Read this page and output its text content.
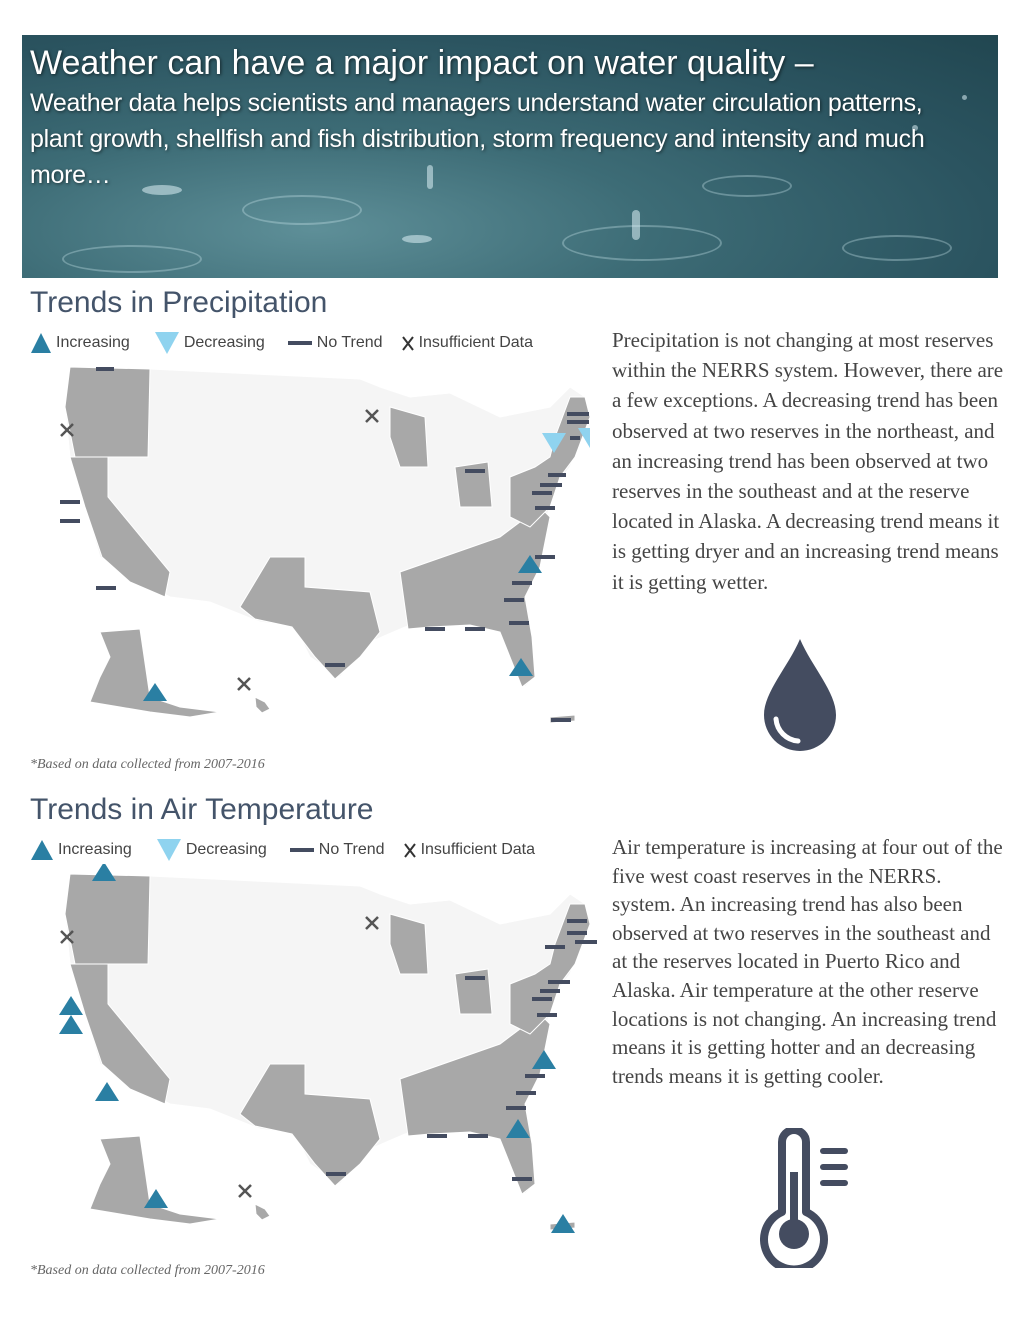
Weather can have a major impact on water quality –
Weather data helps scientists and managers understand water circulation patterns, plant growth, shellfish and fish distribution, storm frequency and intensity and much more…
Trends in Precipitation
Increasing	Decreasing	No Trend Insufficient Data
*Based on data collected from 2007-2016
Precipitation is not changing at most reserves within the NERRS system. However, there are a few exceptions. A decreasing trend has been observed at two reserves in the northeast, and an increasing trend has been observed at two reserves in the southeast and at the reserve located in Alaska. A decreasing trend means it is getting dryer and an increasing trend means it is getting wetter.
Trends in Air Temperature
Increasing	Decreasing	No Trend Insufficient Data
*Based on data collected from 2007-2016
Air temperature is increasing at four out of the five west coast reserves in the NERRS. system. An increasing trend has also been observed at two reserves in the southeast and at the reserves located in Puerto Rico and Alaska. Air temperature at the other reserve locations is not changing. An increasing trend means it is getting hotter and an decreasing trends means it is getting cooler.
